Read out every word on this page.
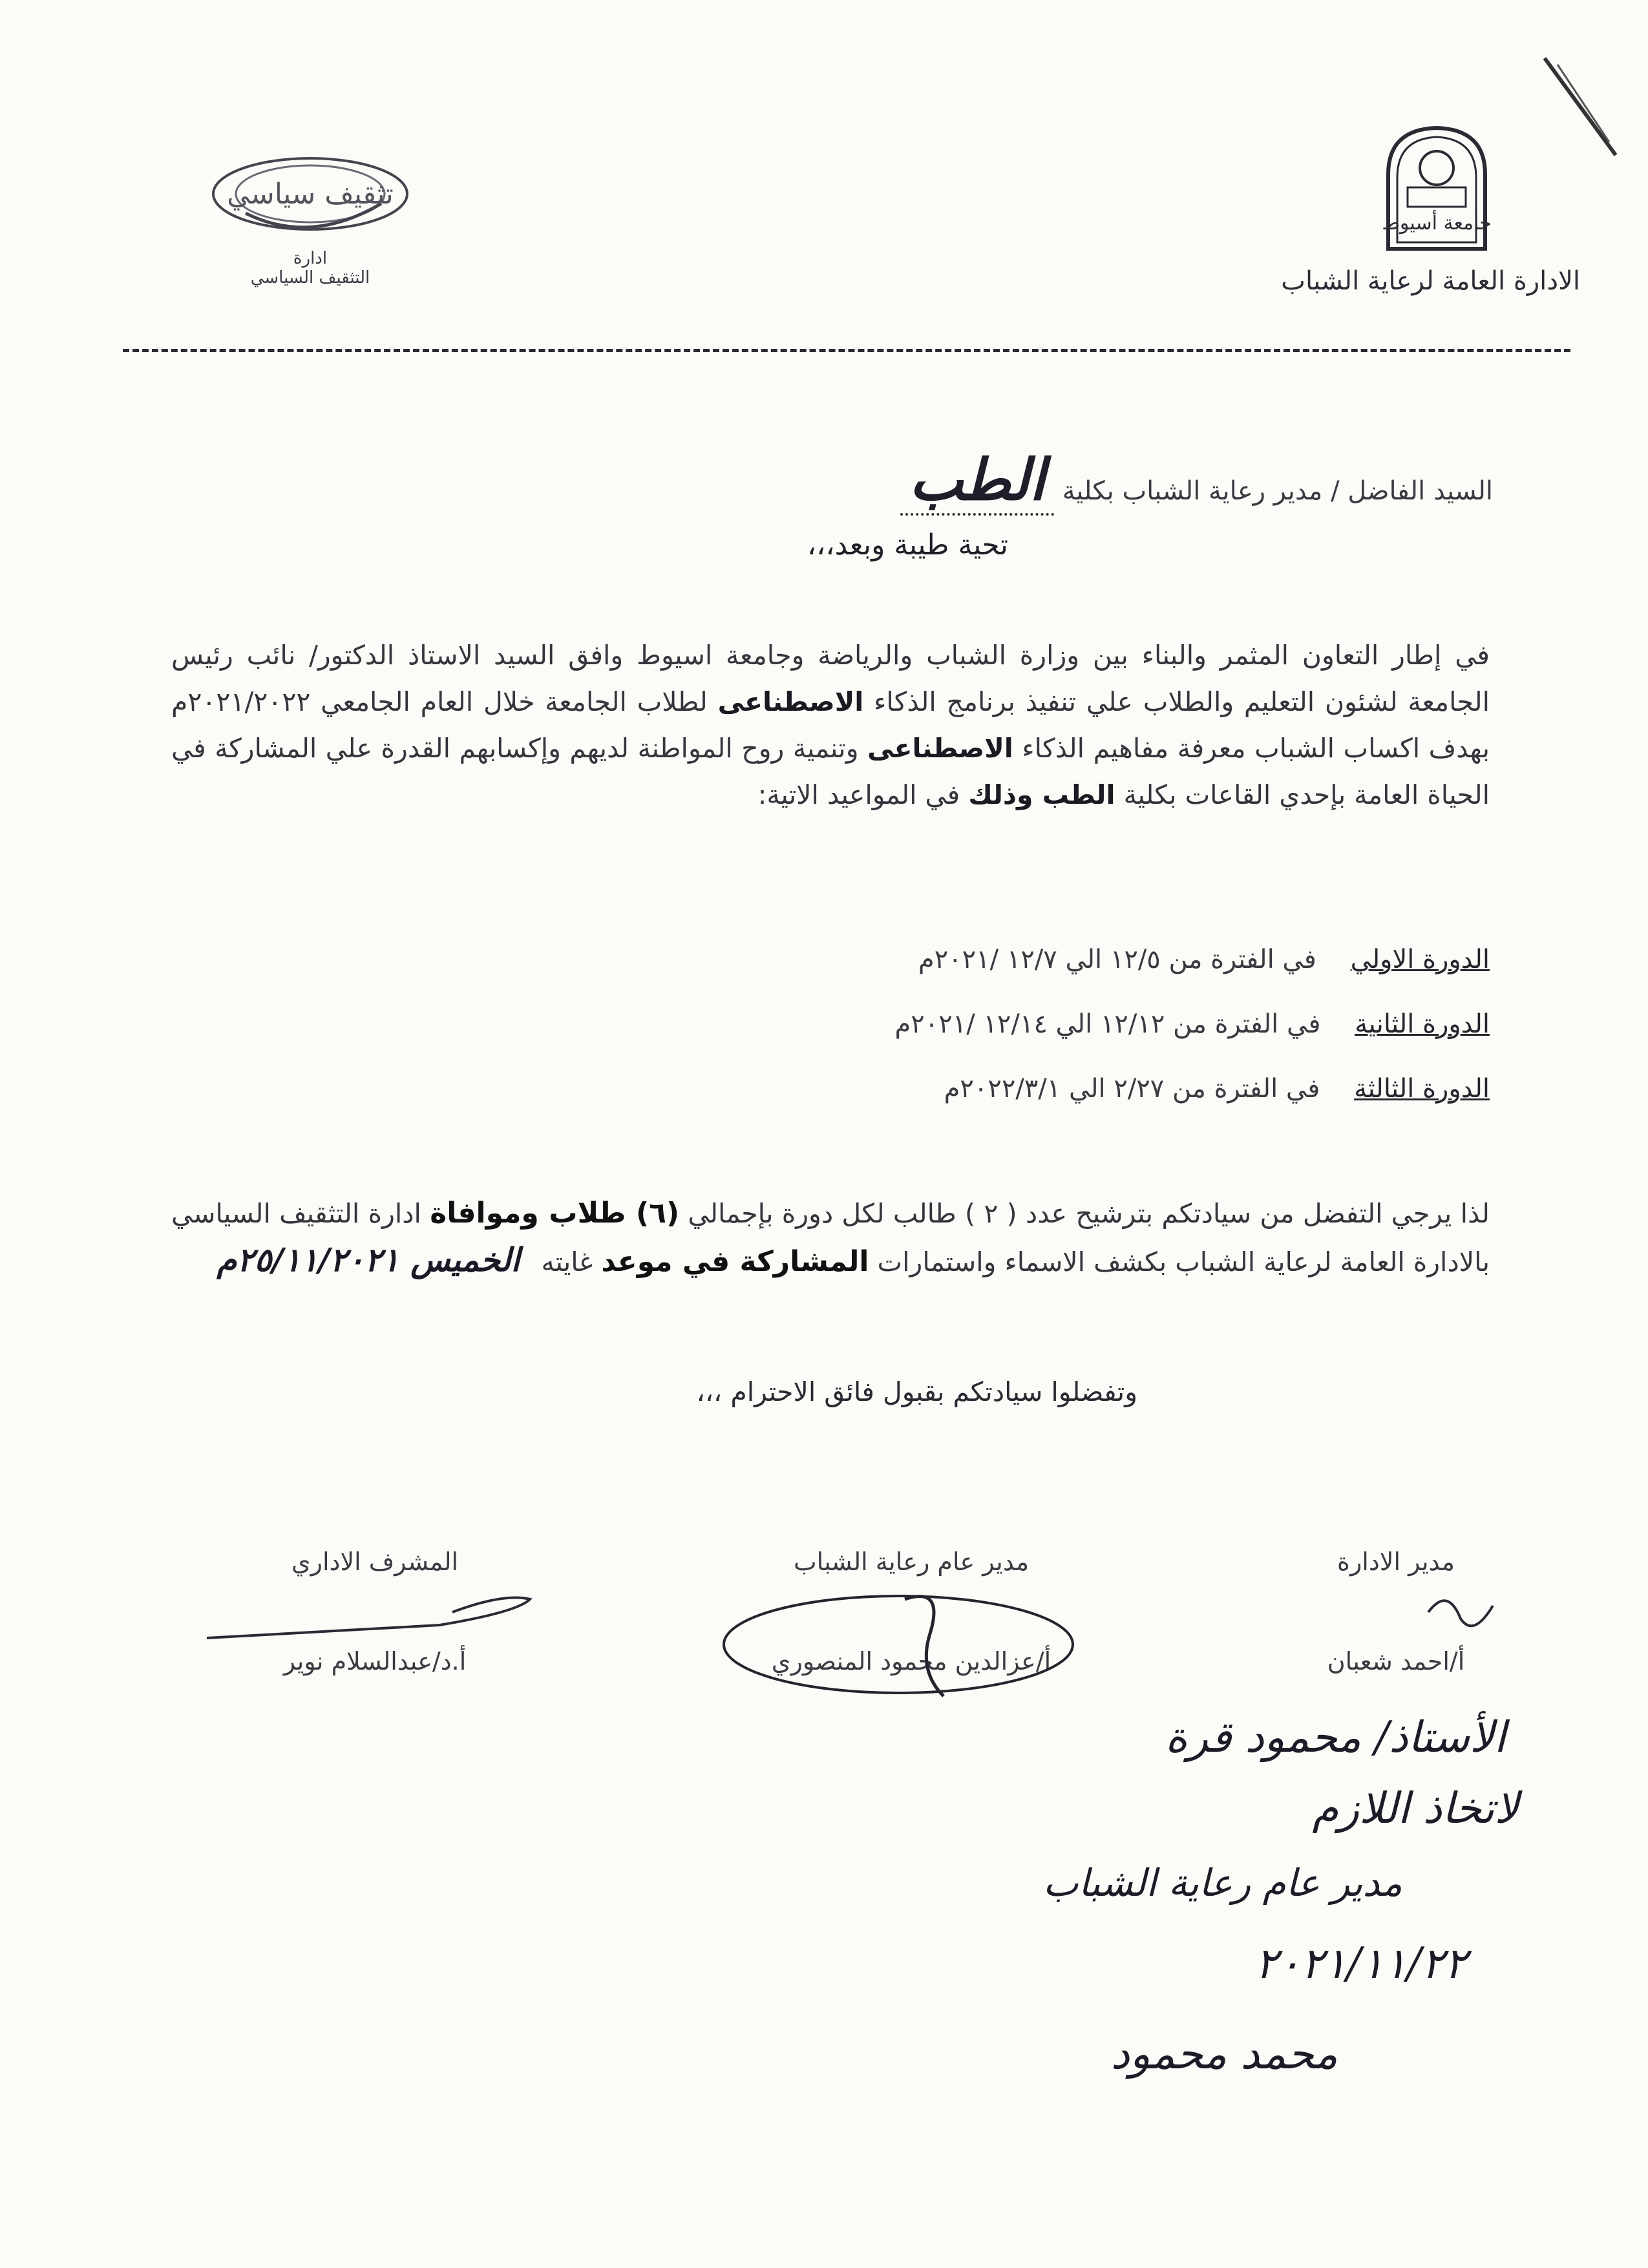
جامعة أسيوط
تثقيف سياسي
ادارة
التثقيف السياسي	الادارة العامة لرعاية الشباب
السيد الفاضل / مدير رعاية الشباب بكلية الطب
تحية طيبة وبعد،،،
في إطار التعاون المثمر والبناء بين وزارة الشباب والرياضة وجامعة اسيوط وافق السيد الاستاذ الدكتور/ نائب رئيس الجامعة لشئون التعليم والطلاب علي تنفيذ برنامج الذكاء الاصطناعى لطلاب الجامعة خلال العام الجامعي ٢٠٢١/٢٠٢٢م بهدف اكساب الشباب معرفة مفاهيم الذكاء الاصطناعى وتنمية روح المواطنة لديهم وإكسابهم القدرة علي المشاركة في الحياة العامة بإحدي القاعات بكلية الطب وذلك في المواعيد الاتية:
الدورة الاولي في الفترة من ١٢/٥ الي ١٢/٧ /٢٠٢١م
الدورة الثانية في الفترة من ١٢/١٢ الي ١٢/١٤ /٢٠٢١م
الدورة الثالثة في الفترة من ٢/٢٧ الي ٢٠٢٢/٣/١م
لذا يرجي التفضل من سيادتكم بترشيح عدد ( ٢ ) طالب لكل دورة بإجمالي (٦) طلاب وموافاة ادارة التثقيف السياسي بالادارة العامة لرعاية الشباب بكشف الاسماء واستمارات المشاركة في موعد غايته الخميس ٢٥/١١/٢٠٢١م
وتفضلوا سيادتكم بقبول فائق الاحترام ،،،
مدير الادارة
أ/احمد شعبان
مدير عام رعاية الشباب
أ/عزالدين محمود المنصوري
المشرف الاداري
أ.د/عبدالسلام نوير
الأستاذ/ محمود قرة
لاتخاذ اللازم
مدير عام رعاية الشباب
٢٠٢١/١١/٢٢
محمد محمود
